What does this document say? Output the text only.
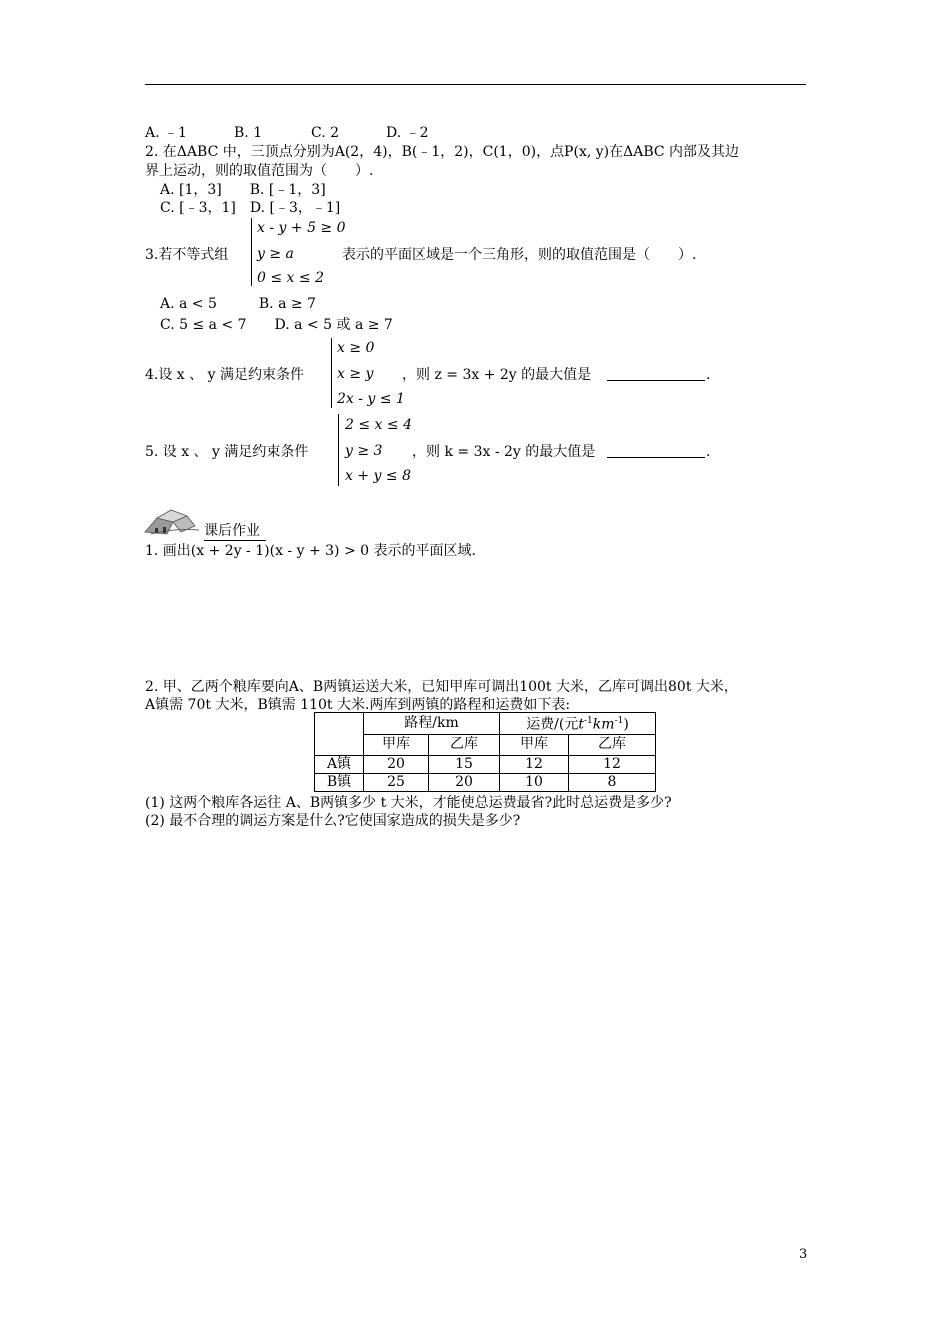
A. ﹣1	B. 1	C. 2	D. ﹣2
2. 在ΔABC 中，三顶点分别为A(2，4)，B(﹣1，2)，C(1，0)，点P(x, y)在ΔABC 内部及其边
界上运动，则的取值范围为（　　）.
A. [1，3]　　B. [﹣1，3]
C. [﹣3，1]　D. [﹣3，﹣1]
3.若不等式组
x - y + 5 ≥ 0
y ≥ a
0 ≤ x ≤ 2
表示的平面区域是一个三角形，则的取值范围是（　　）.
A. a < 5　　　B. a ≥ 7
C. 5 ≤ a < 7　　D. a < 5 或 a ≥ 7
4.设 x 、 y 满足约束条件
x ≥ 0
x ≥ y
2x - y ≤ 1
，则 z = 3x + 2y 的最大值是	.
5. 设 x 、 y 满足约束条件
2 ≤ x ≤ 4
y ≥ 3
x + y ≤ 8
，则 k = 3x - 2y 的最大值是	.
课后作业
1. 画出(x + 2y - 1)(x - y + 3) > 0 表示的平面区域.
2. 甲、乙两个粮库要向A、B两镇运送大米，已知甲库可调出100t 大米，乙库可调出80t 大米，
A镇需 70t 大米，B镇需 110t 大米.两库到两镇的路程和运费如下表:
	路程/km		运费/(元$t^{-1}km^{-1}$)	
	甲库	乙库	甲库	乙库
A镇	20	15	12	12
B镇	25	20	10	8
(1) 这两个粮库各运往 A、B两镇多少 t 大米，才能使总运费最省?此时总运费是多少?
(2) 最不合理的调运方案是什么?它使国家造成的损失是多少?
3
